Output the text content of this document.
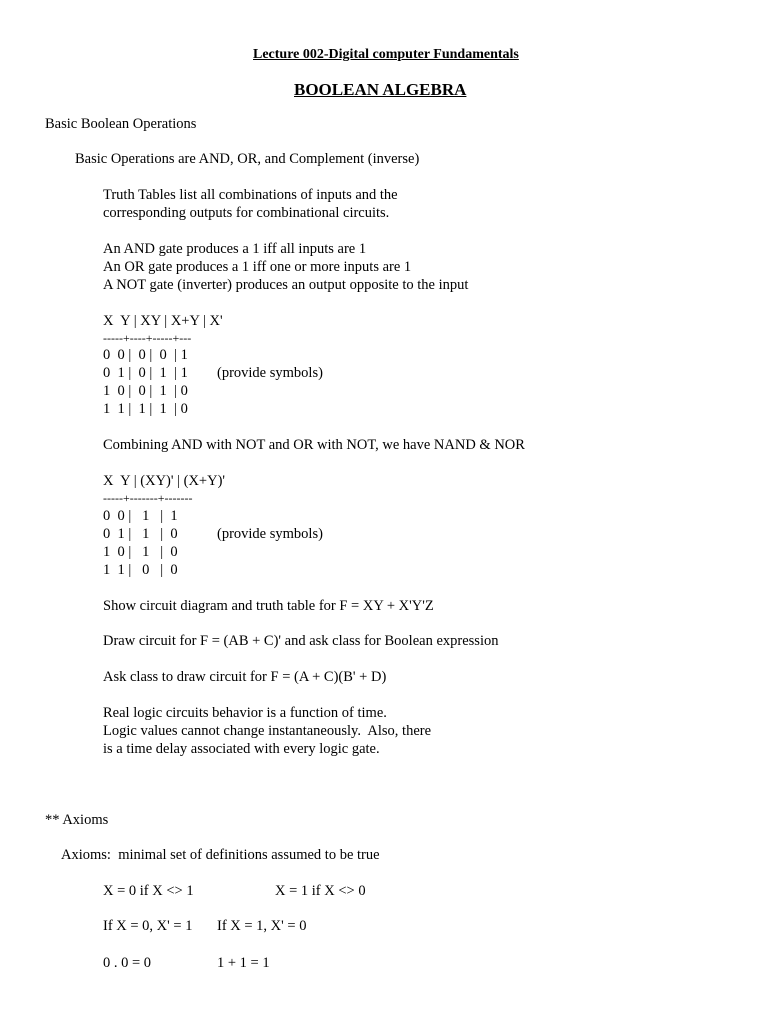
Lecture 002-Digital computer Fundamentals
BOOLEAN ALGEBRA
Basic Boolean Operations
Basic Operations are AND, OR, and Complement (inverse)
Truth Tables list all combinations of inputs and the
corresponding outputs for combinational circuits.
An AND gate produces a 1 iff all inputs are 1
An OR gate produces a 1 iff one or more inputs are 1
A NOT gate (inverter) produces an output opposite to the input
X  Y | XY | X+Y | X'
-----+----+-----+---
0  0 |  0 |  0  | 1
0  1 |  0 |  1  | 1 (provide symbols)
1  0 |  0 |  1  | 0
1  1 |  1 |  1  | 0
Combining AND with NOT and OR with NOT, we have NAND & NOR
X  Y | (XY)' | (X+Y)'
-----+-------+-------
0  0 |   1   |  1
0  1 |   1   |  0	(provide symbols)
1  0 |   1   |  0
1  1 |   0   |  0
Show circuit diagram and truth table for F = XY + X'Y'Z
Draw circuit for F = (AB + C)' and ask class for Boolean expression
Ask class to draw circuit for F = (A + C)(B' + D)
Real logic circuits behavior is a function of time.
Logic values cannot change instantaneously.  Also, there
is a time delay associated with every logic gate.
** Axioms
Axioms:  minimal set of definitions assumed to be true
X = 0 if X <> 1	X = 1 if X <> 0
If X = 0, X' = 1 If X = 1, X' = 0
0 . 0 = 0	1 + 1 = 1
